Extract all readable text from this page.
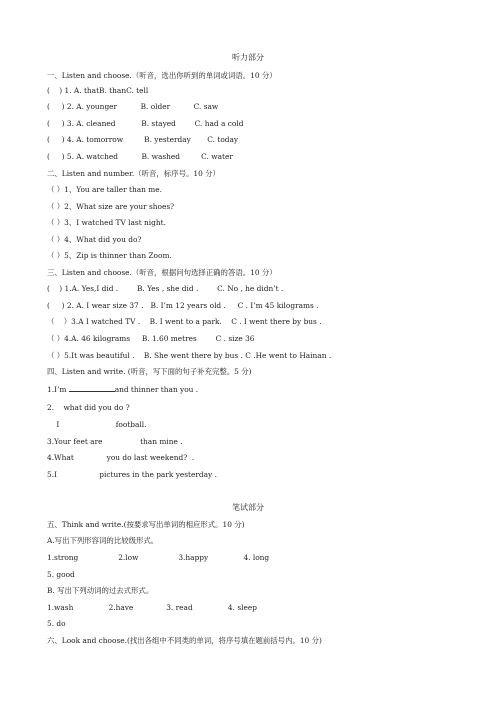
听力部分
一、Listen and choose.（听音，选出你听到的单词或词语。10 分）
(    ) 1. A. thatB. thanC. tell
(     ) 2. A. younger          B. older          C. saw
(     ) 3. A. cleaned           B. stayed        C. had a cold
(     ) 4. A. tomorrow         B. yesterday       C. today
(     ) 5. A. watched          B. washed         C. water
二、Listen and number.（听音，标序号。10 分）
（ ）1、You are taller than me.
（ ）2、What size are your shoes?
（ ）3、I watched TV last night.
（ ）4、What did you do?
（ ）5、Zip is thinner than Zoom.
三、Listen and choose.（听音，根据问句选择正确的答语。10 分）
(    ) 1.A. Yes,I did .        B. Yes , she did .        C. No , he didn’t .
(     ) 2. A. I wear size 37 .   B. I’m 12 years old .     C . I’m 45 kilograms .
（    ）3.A I watched TV .    B. I went to a park.    C . I went there by bus .
（ ）4.A. 46 kilograms     B. 1.60 metres        C . size 36
（ ）5.It was beautiful .    B. She went there by bus . C .He went to Hainan .
四、Listen and write. (听音，写下面的句子补充完整。5 分)
1.I’m	and thinner than you .
2.    what did you do ?
I                        football.
3.Your feet are                than mine .
4.What              you do last weekend?  .
5.I                  pictures in the park yesterday .
笔试部分
五、Think and write.(按要求写出单词的相应形式。10 分)
A.写出下列形容词的比较级形式。
1.strong                 2.low                 3.happy               4. long
5. good
B. 写出下列动词的过去式形式。
1.wash               2.have              3. read               4. sleep
5. do
六、Look and choose.(找出各组中不同类的单词，将序号填在题前括号内。10 分)
